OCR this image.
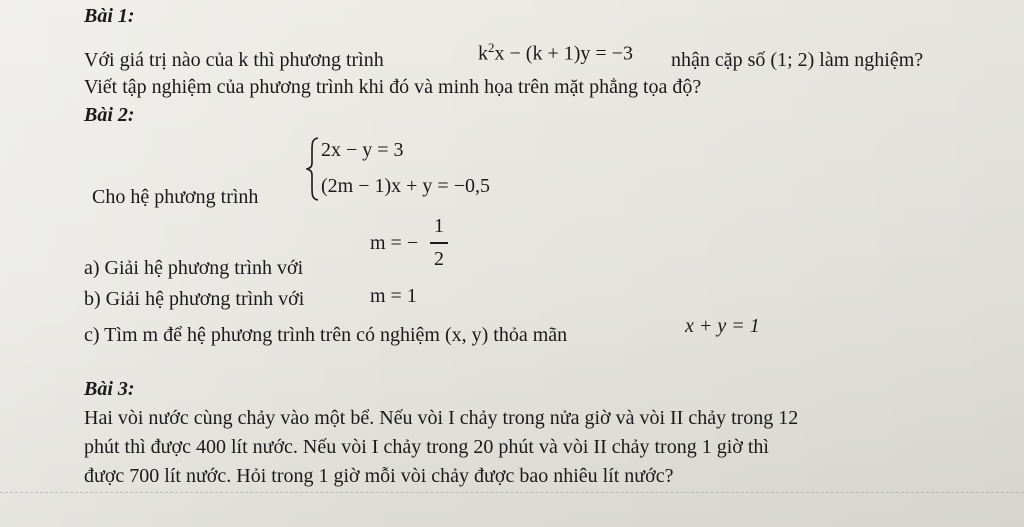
Bài 1:
Với giá trị nào của k thì phương trình	$k^2x - (k + 1)y = -3$ nhận cặp số (1; 2) làm nghiệm?
Viết tập nghiệm của phương trình khi đó và minh họa trên mặt phẳng tọa độ?
Bài 2:
Cho hệ phương trình
2x − y = 3
(2m − 1)x + y = −0,5
a) Giải hệ phương trình với
m = −
1
2
b) Giải hệ phương trình với	m = 1
c) Tìm m để hệ phương trình trên có nghiệm (x, y) thỏa mãn	x + y = 1
Bài 3:
Hai vòi nước cùng chảy vào một bể. Nếu vòi I chảy trong nửa giờ và vòi II chảy trong 12
phút thì được 400 lít nước. Nếu vòi I chảy trong 20 phút và vòi II chảy trong 1 giờ thì
được 700 lít nước. Hỏi trong 1 giờ mỗi vòi chảy được bao nhiêu lít nước?
